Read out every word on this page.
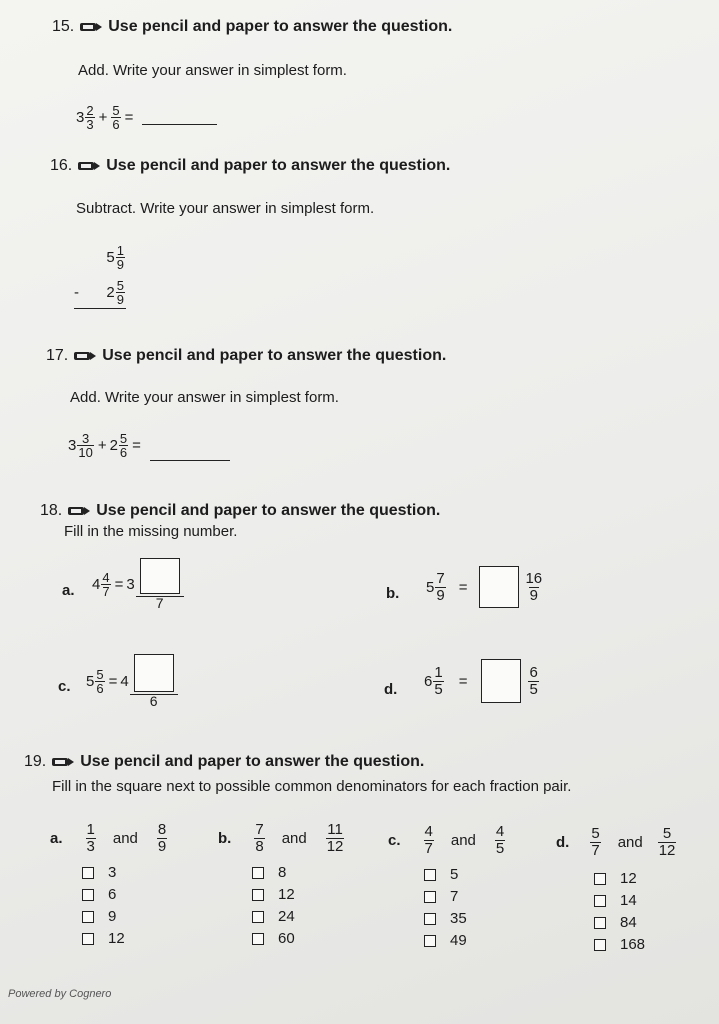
15. Use pencil and paper to answer the question.
Add. Write your answer in simplest form.
$3 \frac{2}{3} + \frac{5}{6}$ =
16. Use pencil and paper to answer the question.
Subtract. Write your answer in simplest form.
$5 \frac{1}{9}$
- $2 \frac{5}{9}$
17. Use pencil and paper to answer the question.
Add. Write your answer in simplest form.
$3 \frac{3}{10} + 2 \frac{5}{6}$ =
18. Use pencil and paper to answer the question.
Fill in the missing number.
a. $4 \frac{4}{7} = 3$
7
b. $5 \frac{7}{9}$ =	$\frac{16}{9}$
c. $5 \frac{5}{6} = 4$
6
d. $6 \frac{1}{5}$ =	$\frac{6}{5}$
19. Use pencil and paper to answer the question.
Fill in the square next to possible common denominators for each fraction pair.
a. $\frac{1}{3}$ and $\frac{8}{9}$
3
6
9
12
b. $\frac{7}{8}$ and $\frac{11}{12}$
8
12
24
60
c. $\frac{4}{7}$ and $\frac{4}{5}$
5
7
35
49
d. $\frac{5}{7}$ and $\frac{5}{12}$
12
14
84
168
Powered by Cognero
